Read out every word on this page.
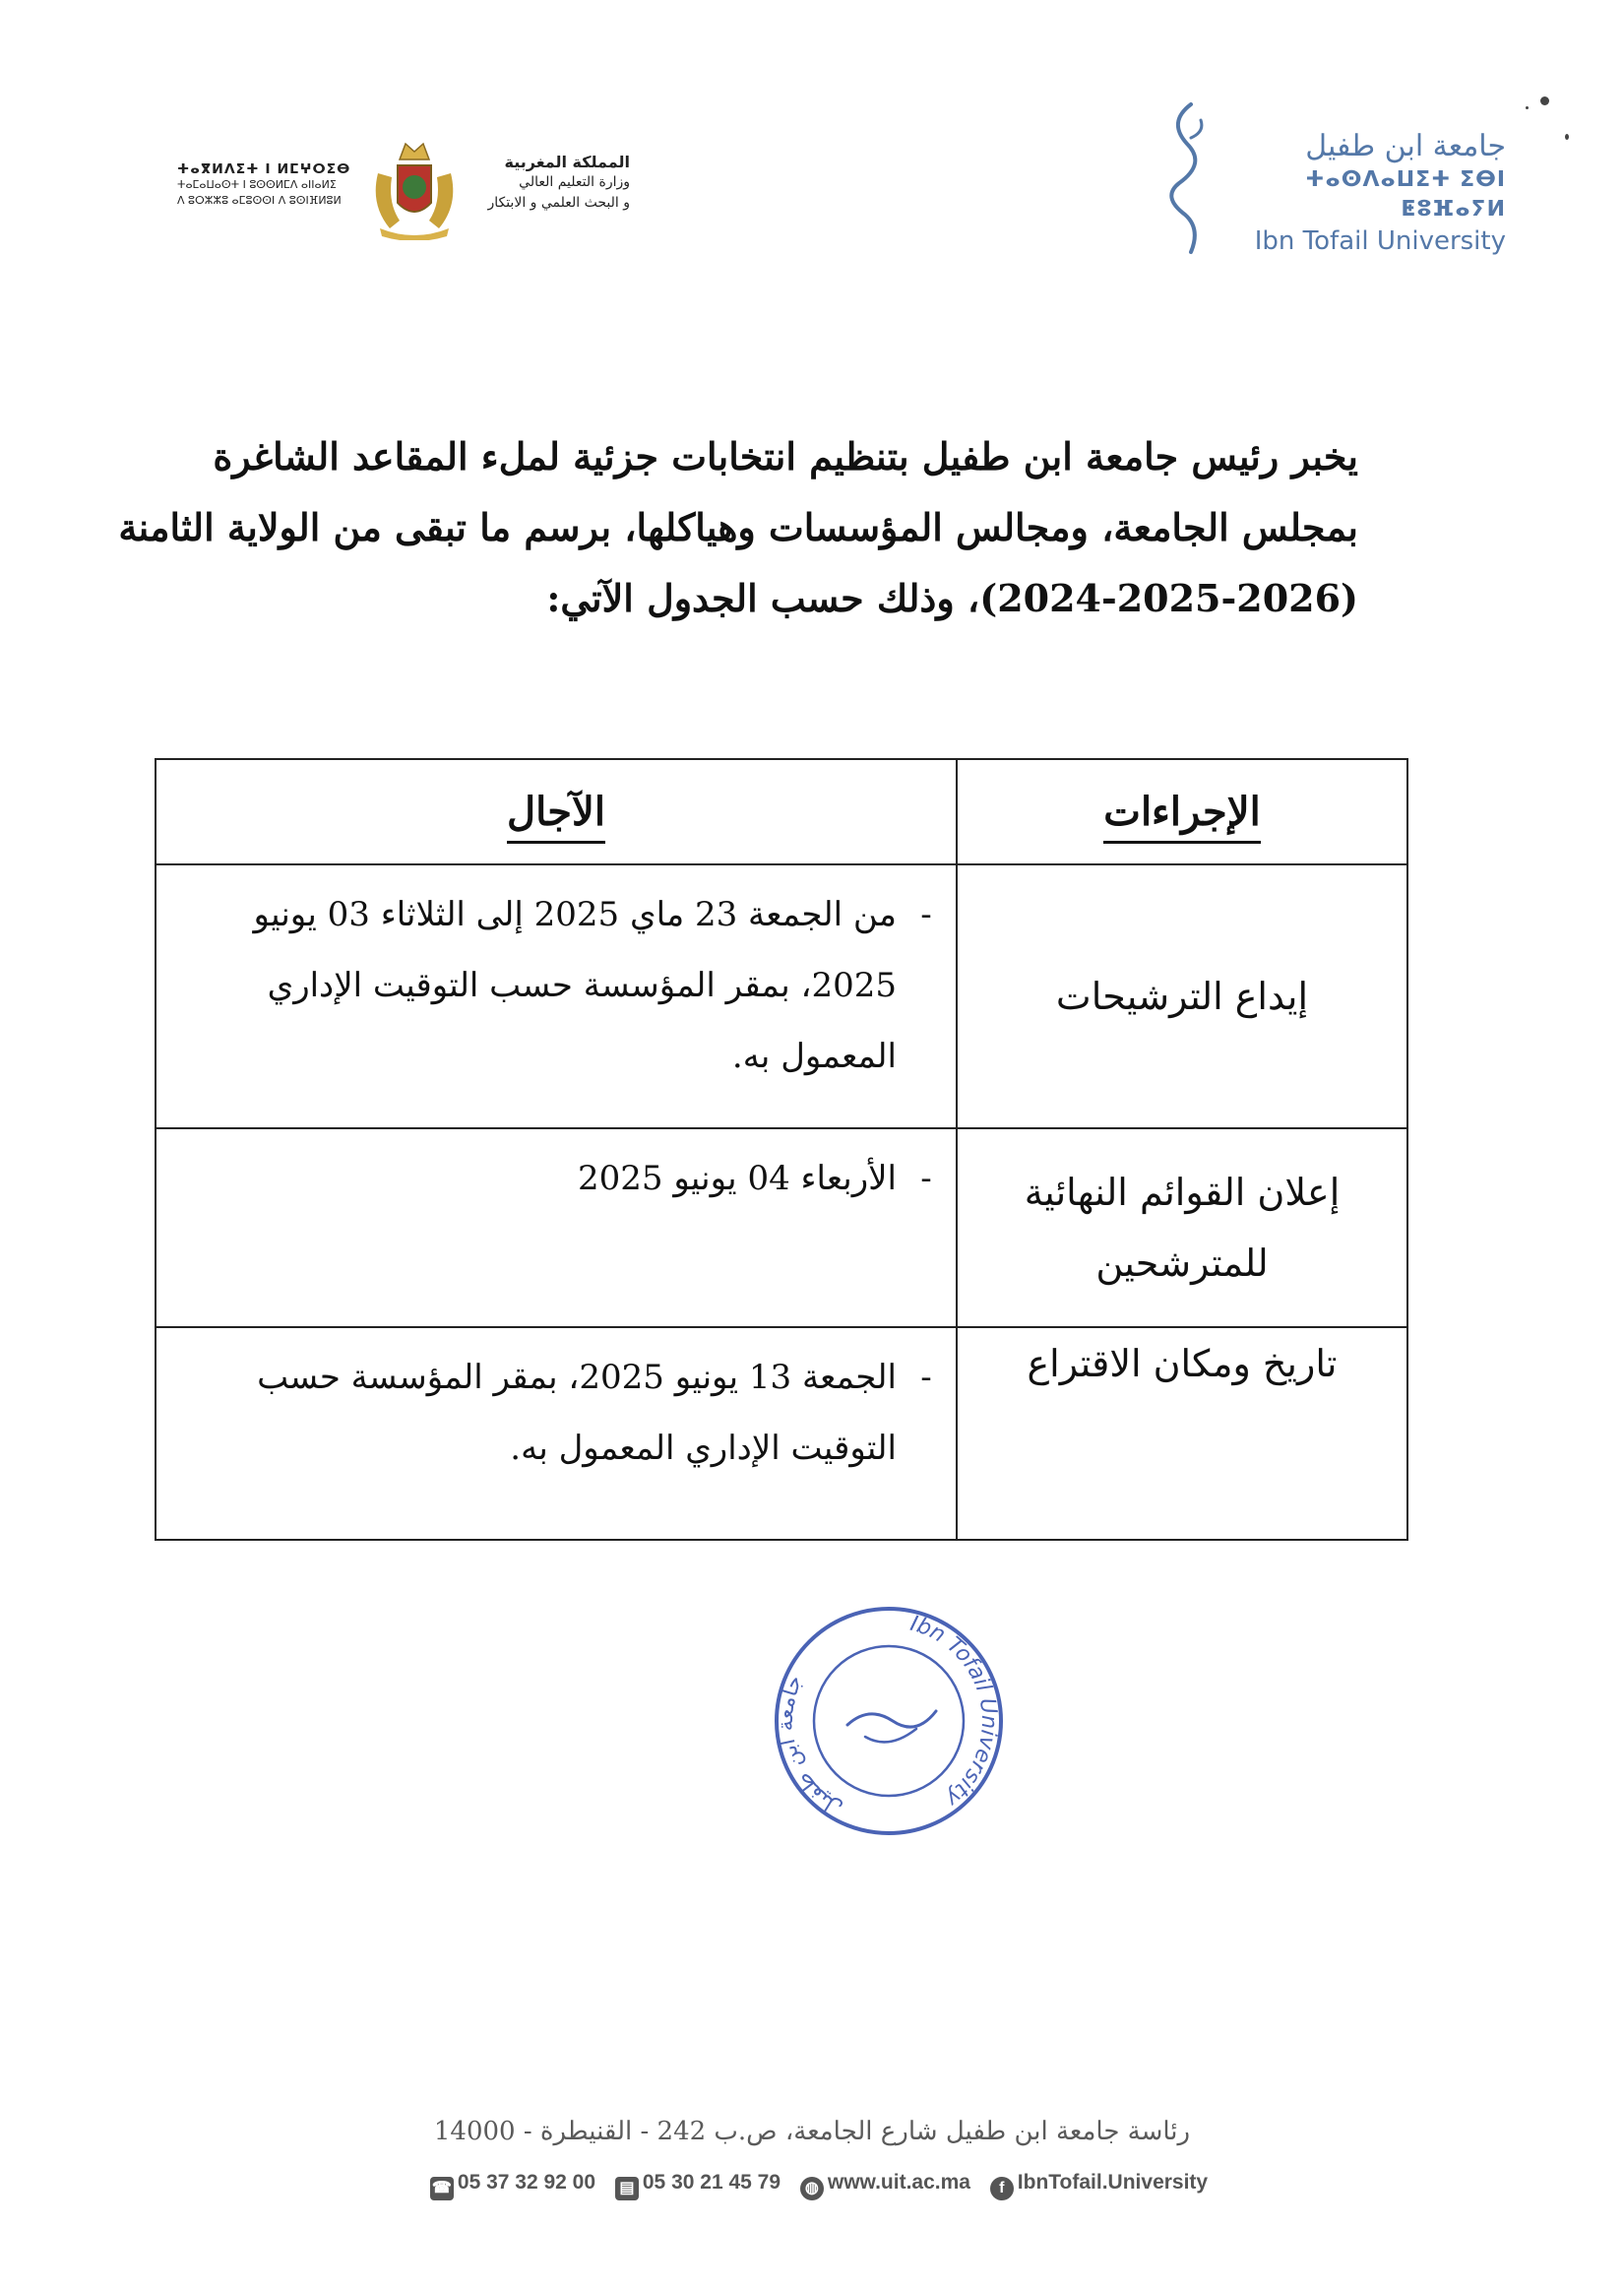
ⵜⴰⴳⵍⴷⵉⵜ ⵏ ⵍⵎⵖⵔⵉⴱ
ⵜⴰⵎⴰⵡⴰⵙⵜ ⵏ ⵓⵙⵙⵍⵎⴷ ⴰⵏⵏⴰⵍⵉ
ⴷ ⵓⵔⵣⵣⵓ ⴰⵎⵓⵙⵙⵏ ⴷ ⵓⵙⵏⴼⵍⵓⵍ
المملكة المغربية
وزارة التعليم العالي
و البحث العلمي و الابتكار
جامعة ابن طفيل
ⵜⴰⵙⴷⴰⵡⵉⵜ ⵉⴱⵏ ⵟⵓⴼⴰⵢⵍ
Ibn Tofail University
يخبر رئيس جامعة ابن طفيل بتنظيم انتخابات جزئية لملء المقاعد الشاغرة
بمجلس الجامعة، ومجالس المؤسسات وهياكلها، برسم ما تبقى من الولاية الثامنة
(2024-2025-2026)، وذلك حسب الجدول الآتي:
الإجراءات	الآجال

إيداع الترشيحات	-من الجمعة 23 ماي 2025 إلى الثلاثاء 03 يونيو
2025، بمقر المؤسسة حسب التوقيت الإداري
المعمول به.

إعلان القوائم النهائية
للمترشحين	-الأربعاء 04 يونيو 2025

تاريخ ومكان الاقتراع	-الجمعة 13 يونيو 2025، بمقر المؤسسة حسب
التوقيت الإداري المعمول به.
Ibn Tofail University
جامعة ابن طفيل
رئاسة جامعة ابن طفيل شارع الجامعة، ص.ب 242 - القنيطرة - 14000
☎ 05 37 32 92 00 ▤ 05 30 21 45 79 ◍ www.uit.ac.ma f IbnTofail.University
